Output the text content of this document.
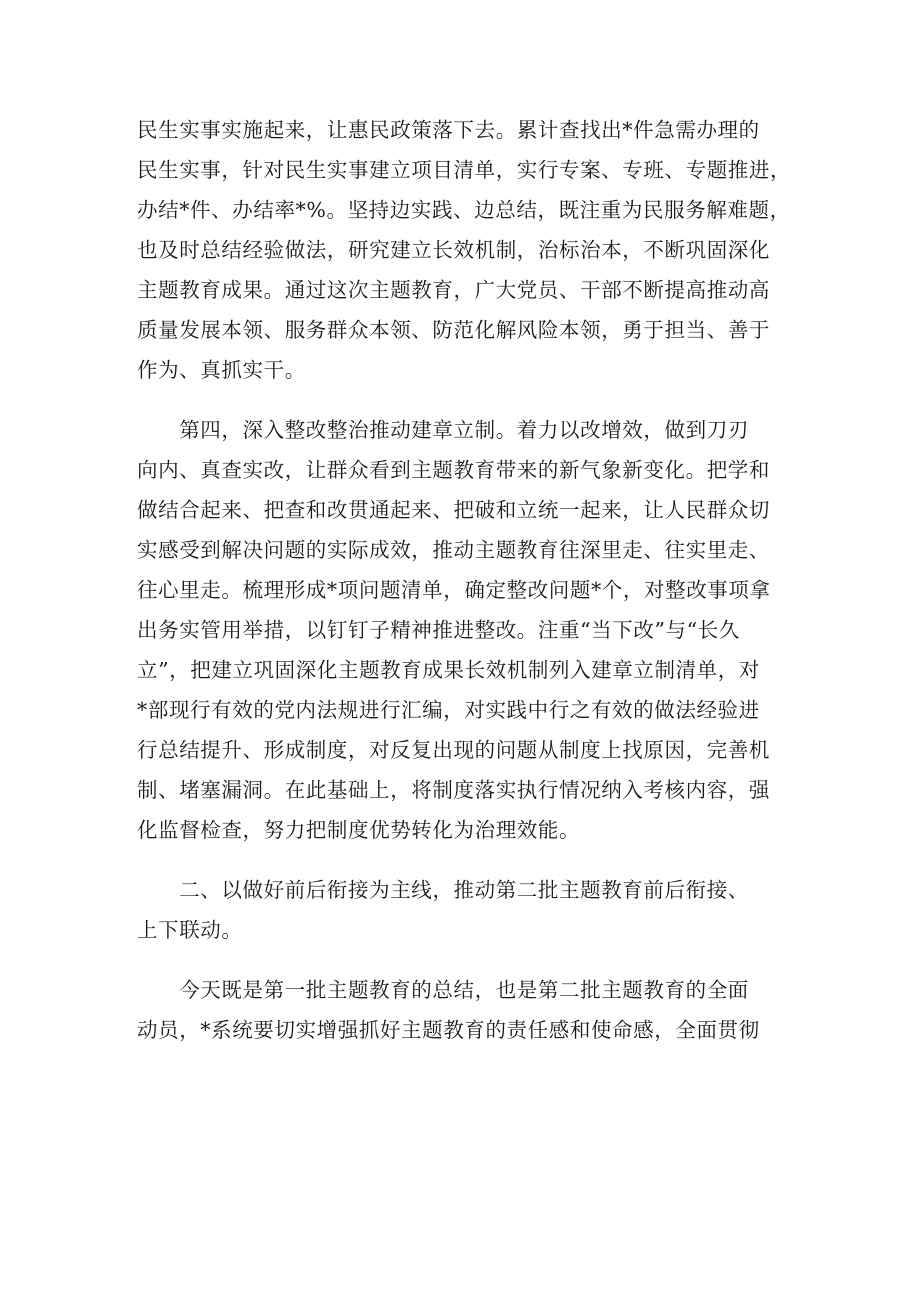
民生实事实施起来，让惠民政策落下去。累计查找出*件急需办理的
民生实事，针对民生实事建立项目清单，实行专案、专班、专题推进，
办结*件、办结率*%。坚持边实践、边总结，既注重为民服务解难题，
也及时总结经验做法，研究建立长效机制，治标治本，不断巩固深化
主题教育成果。通过这次主题教育，广大党员、干部不断提高推动高
质量发展本领、服务群众本领、防范化解风险本领，勇于担当、善于
作为、真抓实干。
　　第四，深入整改整治推动建章立制。着力以改增效，做到刀刃
向内、真查实改，让群众看到主题教育带来的新气象新变化。把学和
做结合起来、把查和改贯通起来、把破和立统一起来，让人民群众切
实感受到解决问题的实际成效，推动主题教育往深里走、往实里走、
往心里走。梳理形成*项问题清单，确定整改问题*个，对整改事项拿
出务实管用举措，以钉钉子精神推进整改。注重“当下改”与“长久
立”，把建立巩固深化主题教育成果长效机制列入建章立制清单，对
*部现行有效的党内法规进行汇编，对实践中行之有效的做法经验进
行总结提升、形成制度，对反复出现的问题从制度上找原因，完善机
制、堵塞漏洞。在此基础上，将制度落实执行情况纳入考核内容，强
化监督检查，努力把制度优势转化为治理效能。
　　二、以做好前后衔接为主线，推动第二批主题教育前后衔接、
上下联动。
　　今天既是第一批主题教育的总结，也是第二批主题教育的全面
动员，*系统要切实增强抓好主题教育的责任感和使命感，全面贯彻
